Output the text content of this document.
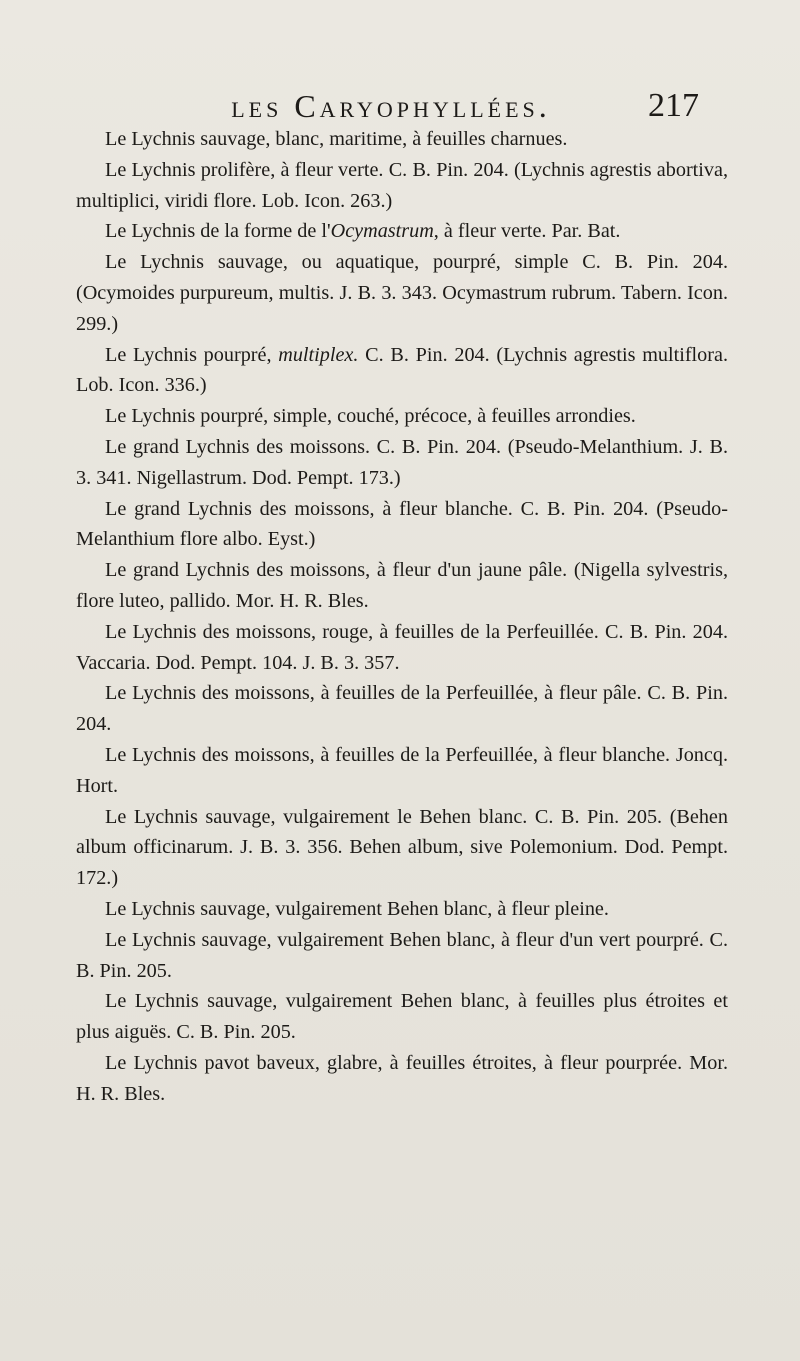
les Caryophyllées.	217

Le Lychnis sauvage, blanc, maritime, à feuilles charnues.

Le Lychnis prolifère, à fleur verte. C. B. Pin. 204. (Lychnis agrestis abortiva, multiplici, viridi flore. Lob. Icon. 263.)

Le Lychnis de la forme de l'Ocymastrum, à fleur verte. Par. Bat.

Le Lychnis sauvage, ou aquatique, pourpré, simple C. B. Pin. 204. (Ocymoides purpureum, multis. J. B. 3. 343. Ocymastrum rubrum. Tabern. Icon. 299.)

Le Lychnis pourpré, multiplex. C. B. Pin. 204. (Lychnis agrestis multiflora. Lob. Icon. 336.)

Le Lychnis pourpré, simple, couché, précoce, à feuilles arrondies.

Le grand Lychnis des moissons. C. B. Pin. 204. (Pseudo-Melanthium. J. B. 3. 341. Nigellastrum. Dod. Pempt. 173.)

Le grand Lychnis des moissons, à fleur blanche. C. B. Pin. 204. (Pseudo-Melanthium flore albo. Eyst.)

Le grand Lychnis des moissons, à fleur d'un jaune pâle. (Nigella sylvestris, flore luteo, pallido. Mor. H. R. Bles.

Le Lychnis des moissons, rouge, à feuilles de la Perfeuillée. C. B. Pin. 204. Vaccaria. Dod. Pempt. 104. J. B. 3. 357.

Le Lychnis des moissons, à feuilles de la Perfeuillée, à fleur pâle. C. B. Pin. 204.

Le Lychnis des moissons, à feuilles de la Perfeuillée, à fleur blanche. Joncq. Hort.

Le Lychnis sauvage, vulgairement le Behen blanc. C. B. Pin. 205. (Behen album officinarum. J. B. 3. 356. Behen album, sive Polemonium. Dod. Pempt. 172.)

Le Lychnis sauvage, vulgairement Behen blanc, à fleur pleine.

Le Lychnis sauvage, vulgairement Behen blanc, à fleur d'un vert pourpré. C. B. Pin. 205.

Le Lychnis sauvage, vulgairement Behen blanc, à feuilles plus étroites et plus aiguës. C. B. Pin. 205.

Le Lychnis pavot baveux, glabre, à feuilles étroites, à fleur pourprée. Mor. H. R. Bles.
